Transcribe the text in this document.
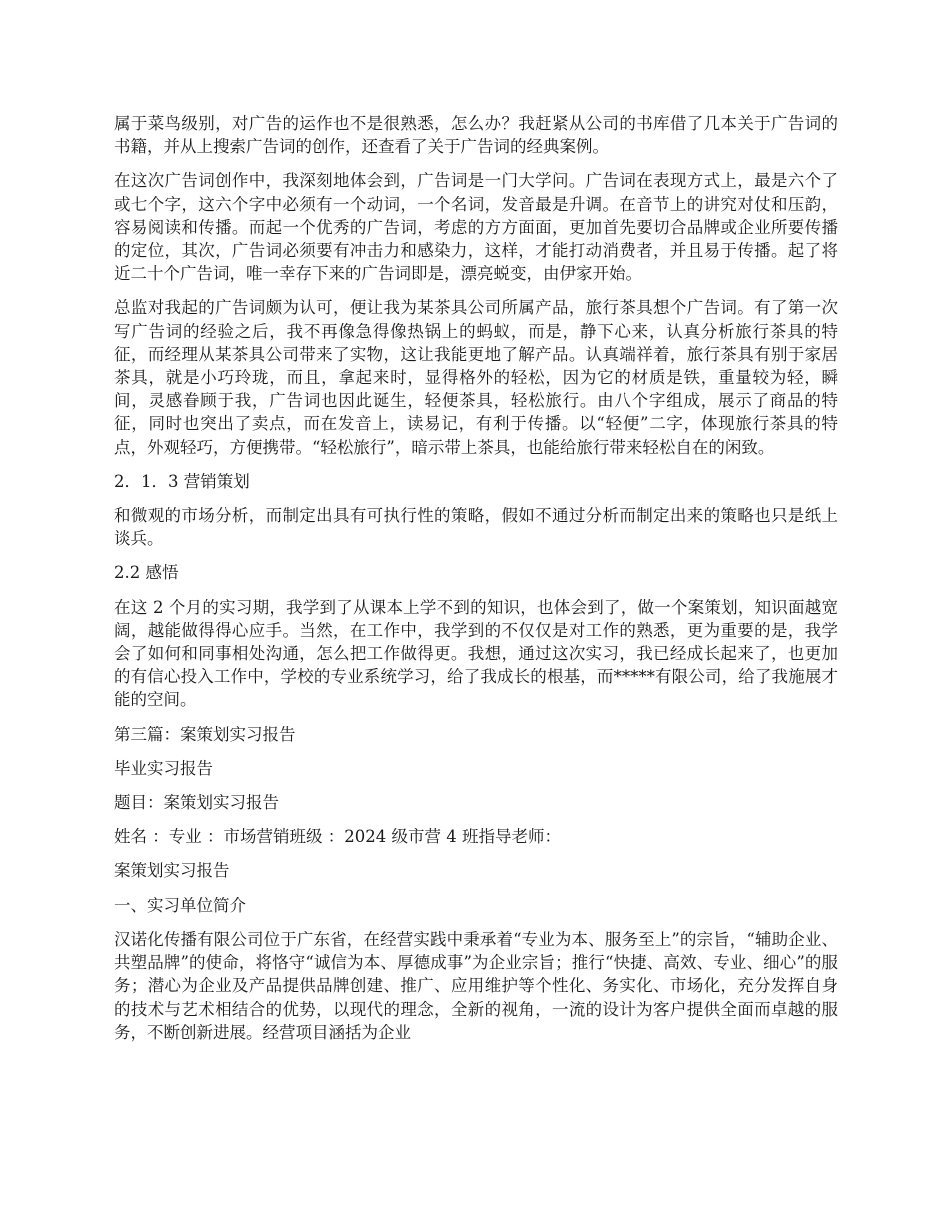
属于菜鸟级别，对广告的运作也不是很熟悉，怎么办？我赶紧从公司的书库借了几本关于广告词的书籍，并从上搜索广告词的创作，还查看了关于广告词的经典案例。

在这次广告词创作中，我深刻地体会到，广告词是一门大学问。广告词在表现方式上，最是六个了或七个字，这六个字中必须有一个动词，一个名词，发音最是升调。在音节上的讲究对仗和压韵，容易阅读和传播。而起一个优秀的广告词，考虑的方方面面，更加首先要切合品牌或企业所要传播的定位，其次，广告词必须要有冲击力和感染力，这样，才能打动消费者，并且易于传播。起了将近二十个广告词，唯一幸存下来的广告词即是，漂亮蜕变，由伊家开始。

总监对我起的广告词颇为认可，便让我为某茶具公司所属产品，旅行茶具想个广告词。有了第一次写广告词的经验之后，我不再像急得像热锅上的蚂蚁，而是，静下心来，认真分析旅行茶具的特征，而经理从某茶具公司带来了实物，这让我能更地了解产品。认真端祥着，旅行茶具有别于家居茶具，就是小巧玲珑，而且，拿起来时，显得格外的轻松，因为它的材质是铁，重量较为轻，瞬间，灵感眷顾于我，广告词也因此诞生，轻便茶具，轻松旅行。由八个字组成，展示了商品的特征，同时也突出了卖点，而在发音上，读易记，有利于传播。以“轻便”二字，体现旅行茶具的特点，外观轻巧，方便携带。“轻松旅行”，暗示带上茶具，也能给旅行带来轻松自在的闲致。

2．1．3 营销策划

和微观的市场分析，而制定出具有可执行性的策略，假如不通过分析而制定出来的策略也只是纸上谈兵。

2.2 感悟

在这 2 个月的实习期，我学到了从课本上学不到的知识，也体会到了，做一个案策划，知识面越宽阔，越能做得得心应手。当然，在工作中，我学到的不仅仅是对工作的熟悉，更为重要的是，我学会了如何和同事相处沟通，怎么把工作做得更。我想，通过这次实习，我已经成长起来了，也更加的有信心投入工作中，学校的专业系统学习，给了我成长的根基，而*****有限公司，给了我施展才能的空间。

第三篇：案策划实习报告
毕业实习报告
题目：案策划实习报告
姓名 ：专业 ：市场营销班级 ：2024 级市营 4 班指导老师：
案策划实习报告
一、实习单位简介

汉诺化传播有限公司位于广东省，在经营实践中秉承着“专业为本、服务至上”的宗旨，“辅助企业、共塑品牌”的使命，将恪守“诚信为本、厚德成事”为企业宗旨；推行“快捷、高效、专业、细心”的服务；潜心为企业及产品提供品牌创建、推广、应用维护等个性化、务实化、市场化，充分发挥自身的技术与艺术相结合的优势，以现代的理念，全新的视角，一流的设计为客户提供全面而卓越的服务，不断创新进展。经营项目涵括为企业
